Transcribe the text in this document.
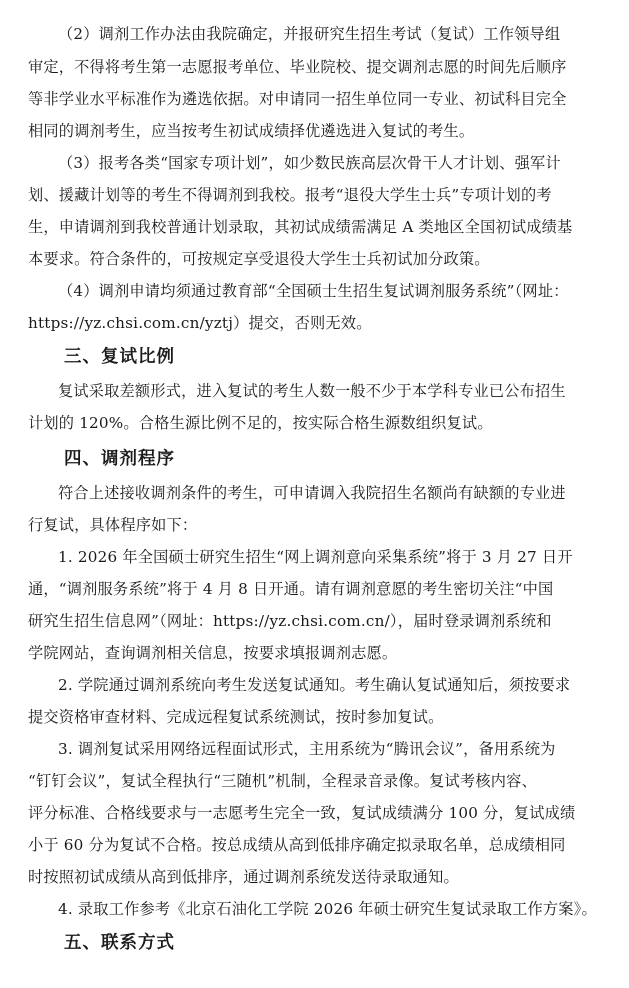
（2）调剂工作办法由我院确定，并报研究生招生考试（复试）工作领导组
审定，不得将考生第一志愿报考单位、毕业院校、提交调剂志愿的时间先后顺序
等非学业水平标准作为遴选依据。对申请同一招生单位同一专业、初试科目完全
相同的调剂考生，应当按考生初试成绩择优遴选进入复试的考生。
（3）报考各类“国家专项计划”，如少数民族高层次骨干人才计划、强军计
划、援藏计划等的考生不得调剂到我校。报考“退役大学生士兵”专项计划的考
生，申请调剂到我校普通计划录取，其初试成绩需满足 A 类地区全国初试成绩基
本要求。符合条件的，可按规定享受退役大学生士兵初试加分政策。
（4）调剂申请均须通过教育部“全国硕士生招生复试调剂服务系统”（网址：
https://yz.chsi.com.cn/yztj）提交，否则无效。
三、复试比例
复试采取差额形式，进入复试的考生人数一般不少于本学科专业已公布招生
计划的 120%。合格生源比例不足的，按实际合格生源数组织复试。
四、调剂程序
符合上述接收调剂条件的考生，可申请调入我院招生名额尚有缺额的专业进
行复试，具体程序如下：
1. 2026 年全国硕士研究生招生“网上调剂意向采集系统”将于 3 月 27 日开
通，“调剂服务系统”将于 4 月 8 日开通。请有调剂意愿的考生密切关注“中国
研究生招生信息网”（网址：https://yz.chsi.com.cn/），届时登录调剂系统和
学院网站，查询调剂相关信息，按要求填报调剂志愿。
2. 学院通过调剂系统向考生发送复试通知。考生确认复试通知后，须按要求
提交资格审查材料、完成远程复试系统测试，按时参加复试。
3. 调剂复试采用网络远程面试形式，主用系统为“腾讯会议”，备用系统为
“钉钉会议”，复试全程执行“三随机”机制，全程录音录像。复试考核内容、
评分标准、合格线要求与一志愿考生完全一致，复试成绩满分 100 分，复试成绩
小于 60 分为复试不合格。按总成绩从高到低排序确定拟录取名单，总成绩相同
时按照初试成绩从高到低排序，通过调剂系统发送待录取通知。
4. 录取工作参考《北京石油化工学院 2026 年硕士研究生复试录取工作方案》。
五、联系方式
